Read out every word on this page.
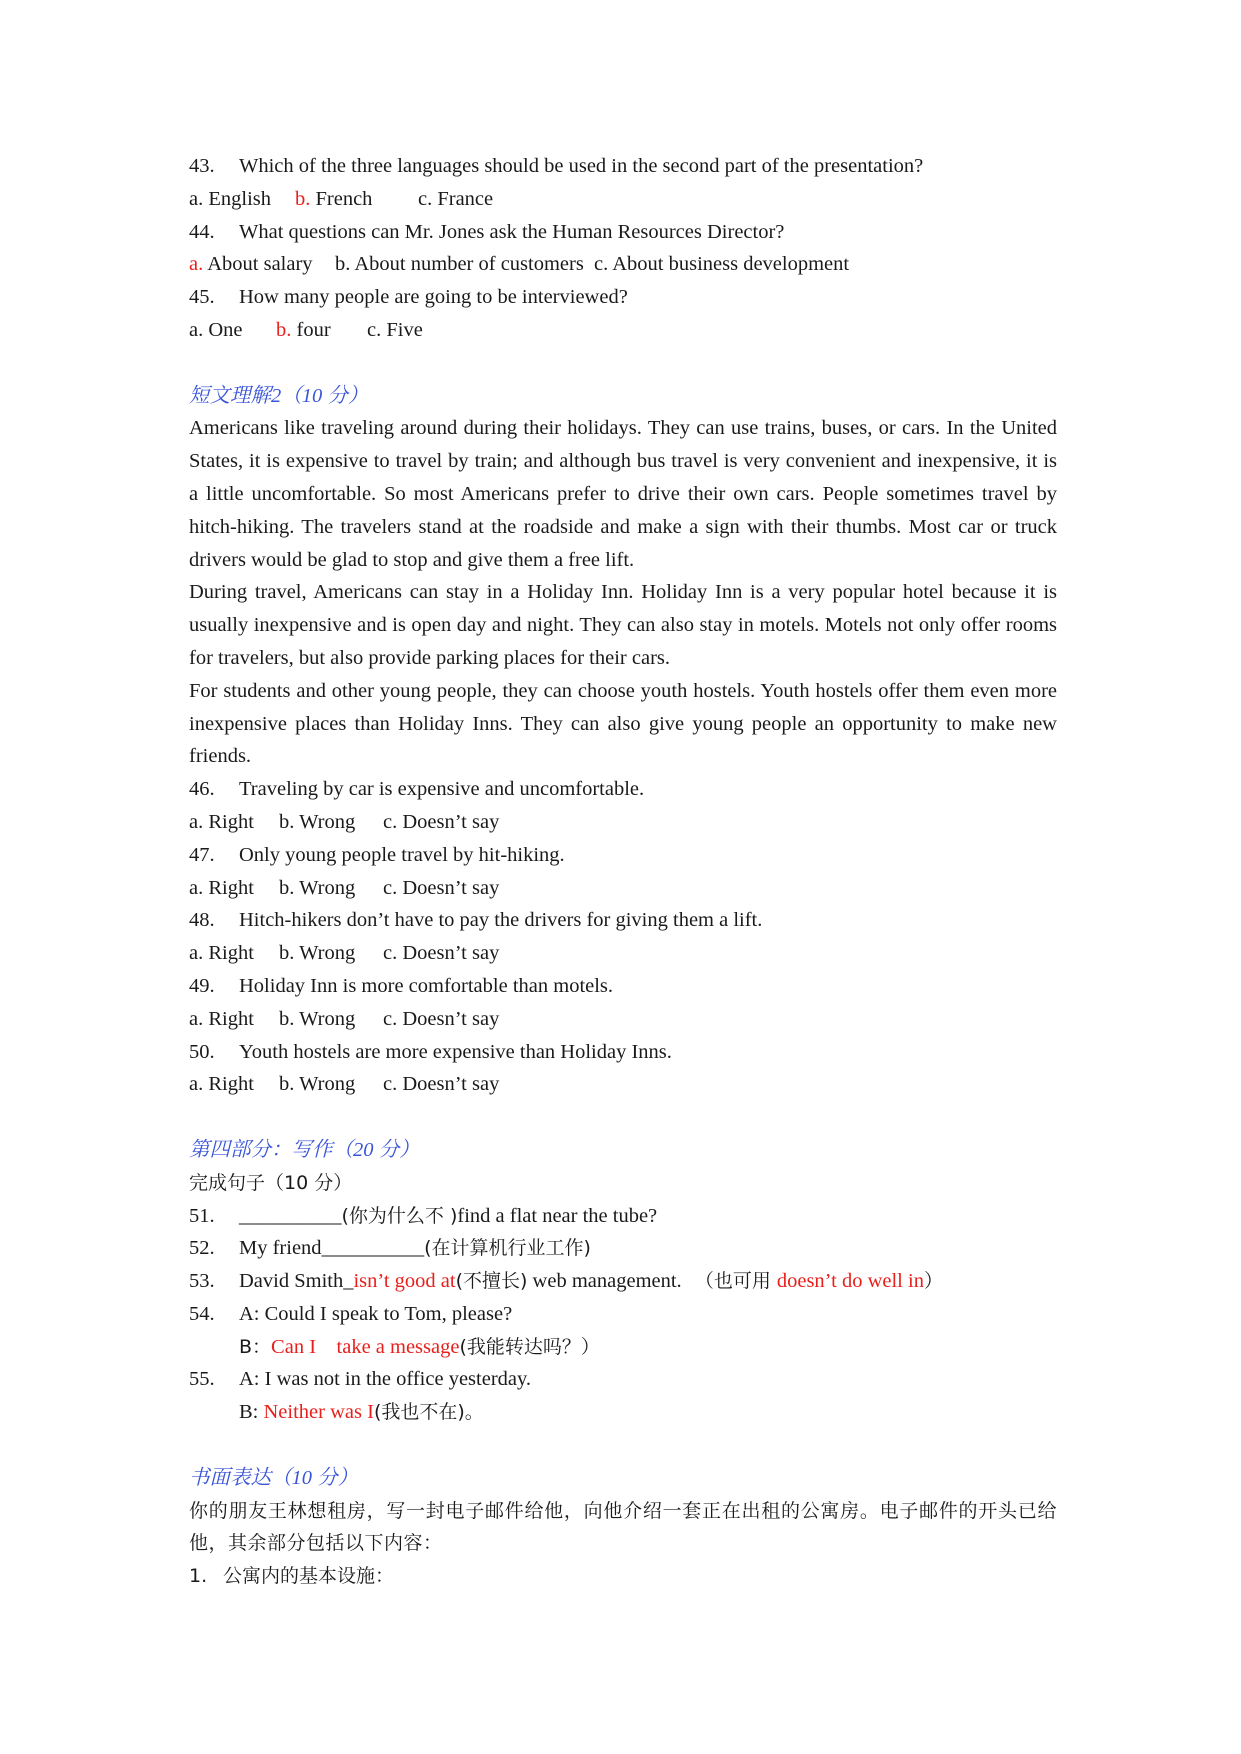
43. Which of the three languages should be used in the second part of the presentation?
a. English b. French c. France
44. What questions can Mr. Jones ask the Human Resources Director?
a. About salary b. About number of customers c. About business development
45. How many people are going to be interviewed?
a. One b. four c. Five
短文理解2（10 分）

Americans like traveling around during their holidays. They can use trains, buses, or cars. In the United States, it is expensive to travel by train; and although bus travel is very convenient and inexpensive, it is a little uncomfortable. So most Americans prefer to drive their own cars. People sometimes travel by hitch-hiking. The travelers stand at the roadside and make a sign with their thumbs. Most car or truck drivers would be glad to stop and give them a free lift.

During travel, Americans can stay in a Holiday Inn. Holiday Inn is a very popular hotel because it is usually inexpensive and is open day and night. They can also stay in motels. Motels not only offer rooms for travelers, but also provide parking places for their cars.

For students and other young people, they can choose youth hostels. Youth hostels offer them even more inexpensive places than Holiday Inns. They can also give young people an opportunity to make new friends.

46. Traveling by car is expensive and uncomfortable.
a. Right b. Wrong c. Doesn’t say
47. Only young people travel by hit-hiking.
a. Right b. Wrong c. Doesn’t say
48. Hitch-hikers don’t have to pay the drivers for giving them a lift.
a. Right b. Wrong c. Doesn’t say
49. Holiday Inn is more comfortable than motels.
a. Right b. Wrong c. Doesn’t say
50. Youth hostels are more expensive than Holiday Inns.
a. Right b. Wrong c. Doesn’t say
第四部分：写作（20 分）
完成句子（10 分）
51. __________(你为什么不 )find a flat near the tube?
52. My friend__________(在计算机行业工作)
53. David Smith_isn’t good at(不擅长) web management. （也可用 doesn’t do well in）
54. A: Could I speak to Tom, please?
B：Can I    take a message(我能转达吗？）
55. A: I was not in the office yesterday.
B: Neither was I(我也不在)。
书面表达（10 分）

你的朋友王林想租房，写一封电子邮件给他，向他介绍一套正在出租的公寓房。电子邮件的开头已给他，其余部分包括以下内容：

1. 公寓内的基本设施：
